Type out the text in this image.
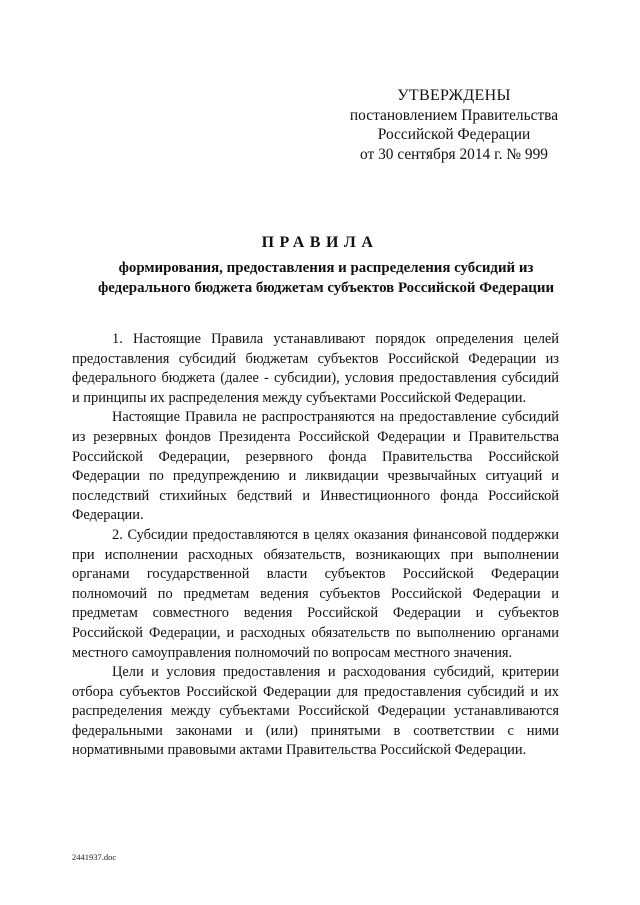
УТВЕРЖДЕНЫ
постановлением Правительства
Российской Федерации
от 30 сентября 2014 г. № 999
ПРАВИЛА
формирования, предоставления и распределения субсидий из федерального бюджета бюджетам субъектов Российской Федерации

1. Настоящие Правила устанавливают порядок определения целей предоставления субсидий бюджетам субъектов Российской Федерации из федерального бюджета (далее - субсидии), условия предоставления субсидий и принципы их распределения между субъектами Российской Федерации.

Настоящие Правила не распространяются на предоставление субсидий из резервных фондов Президента Российской Федерации и Правительства Российской Федерации, резервного фонда Правительства Российской Федерации по предупреждению и ликвидации чрезвычайных ситуаций и последствий стихийных бедствий и Инвестиционного фонда Российской Федерации.

2. Субсидии предоставляются в целях оказания финансовой поддержки при исполнении расходных обязательств, возникающих при выполнении органами государственной власти субъектов Российской Федерации полномочий по предметам ведения субъектов Российской Федерации и предметам совместного ведения Российской Федерации и субъектов Российской Федерации, и расходных обязательств по выполнению органами местного самоуправления полномочий по вопросам местного значения.

Цели и условия предоставления и расходования субсидий, критерии отбора субъектов Российской Федерации для предоставления субсидий и их распределения между субъектами Российской Федерации устанавливаются федеральными законами и (или) принятыми в соответствии с ними нормативными правовыми актами Правительства Российской Федерации.

2441937.doc
